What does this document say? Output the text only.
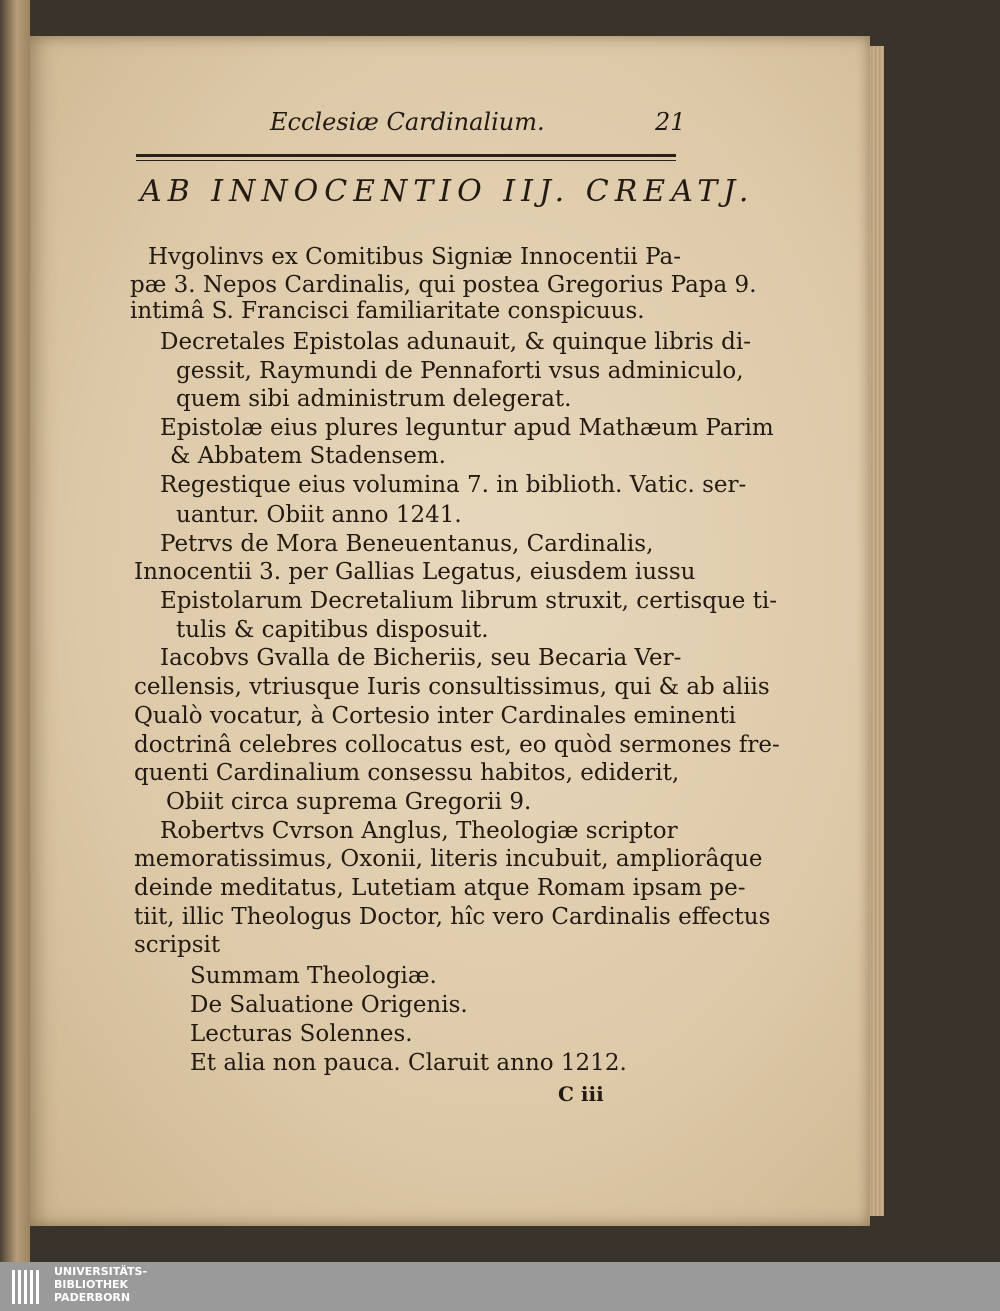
Ecclesiæ Cardinalium.	21
AB INNOCENTIO IIJ. CREATJ.
Hvgolinvs ex Comitibus Signiæ Innocentii Pa-
pæ 3. Nepos Cardinalis, qui postea Gregorius Papa 9.
intimâ S. Francisci familiaritate conspicuus.
Decretales Epistolas adunauit, & quinque libris di-
gessit, Raymundi de Pennaforti vsus adminiculo,
quem sibi administrum delegerat.
Epistolæ eius plures leguntur apud Mathæum Parim
& Abbatem Stadensem.
Regestique eius volumina 7. in biblioth. Vatic. ser-
uantur. Obiit anno 1241.
Petrvs de Mora Beneuentanus, Cardinalis,
Innocentii 3. per Gallias Legatus, eiusdem iussu
Epistolarum Decretalium librum struxit, certisque ti-
tulis & capitibus disposuit.
Iacobvs Gvalla de Bicheriis, seu Becaria Ver-
cellensis, vtriusque Iuris consultissimus, qui & ab aliis
Qualò vocatur, à Cortesio inter Cardinales eminenti
doctrinâ celebres collocatus est, eo quòd sermones fre-
quenti Cardinalium consessu habitos, ediderit,
Obiit circa suprema Gregorii 9.
Robertvs Cvrson Anglus, Theologiæ scriptor
memoratissimus, Oxonii, literis incubuit, ampliorâque
deinde meditatus, Lutetiam atque Romam ipsam pe-
tiit, illic Theologus Doctor, hîc vero Cardinalis effectus
scripsit
Summam Theologiæ.
De Saluatione Origenis.
Lecturas Solennes.
Et alia non pauca. Claruit anno 1212.
C iii
UNIVERSITÄTS-
BIBLIOTHEK
PADERBORN
